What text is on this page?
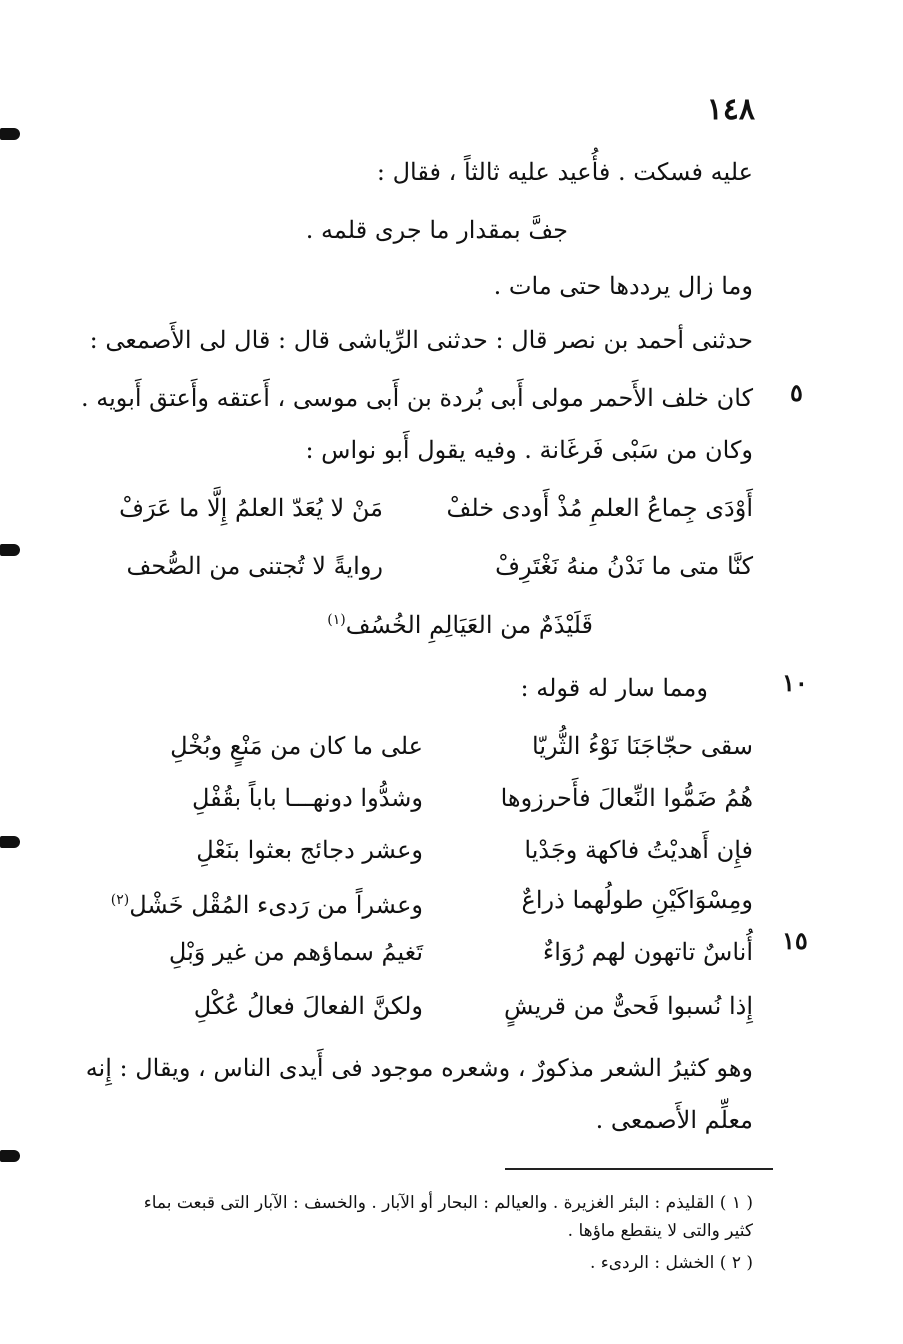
١٤٨
عليه فسكت . فأُعيد عليه ثالثاً ، فقال :
جفَّ بمقدار ما جرى قلمه .
وما زال يرددها حتى مات .
حدثنى أحمد بن نصر قال : حدثنى الرِّياشى قال : قال لى الأَصمعى :
٥
كان خلف الأَحمر مولى أَبى بُردة بن أَبى موسى ، أَعتقه وأَعتق أَبويه .
وكان من سَبْى فَرغَانة . وفيه يقول أَبو نواس :
أَوْدَى جِماعُ العلمِ مُذْ أَودى خلفْ
مَنْ لا يُعَدّ العلمُ إِلَّا ما عَرَفْ
كنَّا متى ما نَدْنُ منهُ نَغْتَرِفْ
روايةً لا تُجتنى من الصُّحف
قَلَيْذَمٌ من العَيَالِمِ الخُسُف$^{(١)}$
١٠
ومما سار له قوله :
سقى حجّاجَنَا نَوْءُ الثُّريّا
على ما كان من مَنْعٍ وبُخْلِ
هُمُ ضَمُّوا النِّعالَ فأَحرزوها
وشدُّوا دونهـــا باباً بقُفْلِ
فإِن أَهديْتُ فاكهة وجَدْيا
وعشر دجائج بعثوا بنَعْلِ
ومِسْوَاكَيْنِ طولُهما ذراعٌ
وعشراً من رَدىء المُقْل خَشْل$^{(٢)}$
١٥
أُناسٌ تاتهون لهم رُوَاءٌ
تَغيمُ سماؤهم من غير وَبْلِ
إِذا نُسبوا فَحىٌّ من قريشٍ
ولكنَّ الفعالَ فعالُ عُكْلِ
وهو كثيرُ الشعر مذكورٌ ، وشعره موجود فى أَيدى الناس ، ويقال : إِنه
معلِّم الأَصمعى .
( ١ ) القليذم : البئر الغزيرة . والعيالم : البحار أو الآبار . والخسف : الآبار التى قبعت بماء
كثير والتى لا ينقطع ماؤها .
( ٢ ) الخشل : الردىء .
